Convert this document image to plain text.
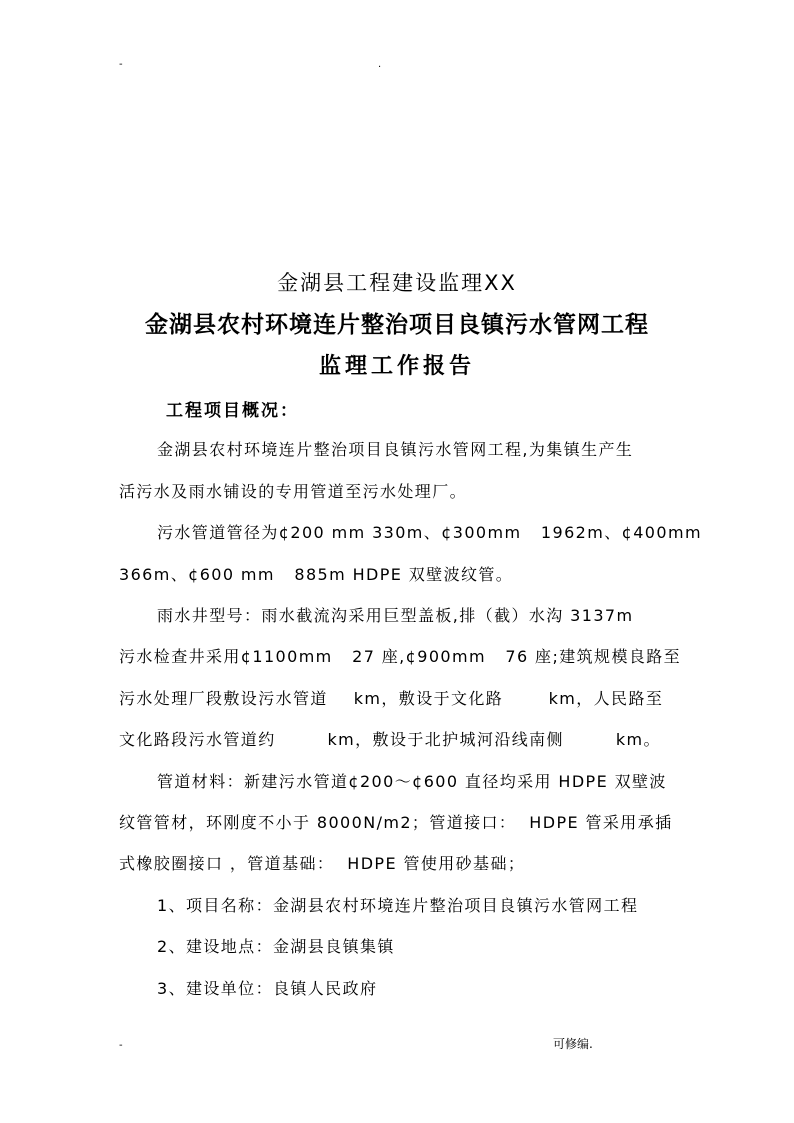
-	.
金湖县工程建设监理XX
金湖县农村环境连片整治项目良镇污水管网工程
监理工作报告
工程项目概况：
金湖县农村环境连片整治项目良镇污水管网工程,为集镇生产生
活污水及雨水铺设的专用管道至污水处理厂。
污水管道管径为¢200 mm 330m、¢300mm   1962m、¢400mm
366m、¢600 mm   885m HDPE 双壁波纹管。
雨水井型号：雨水截流沟采用巨型盖板,排（截）水沟 3137m
污水检查井采用¢1100mm   27 座,¢900mm   76 座;建筑规模良路至
污水处理厂段敷设污水管道    km，敷设于文化路       km，人民路至
文化路段污水管道约        km，敷设于北护城河沿线南侧        km。
管道材料：新建污水管道¢200～¢600 直径均采用 HDPE 双壁波
纹管管材，环刚度不小于 8000N/m2；管道接口：  HDPE 管采用承插
式橡胶圈接口 ，管道基础：  HDPE 管使用砂基础；
1、项目名称：金湖县农村环境连片整治项目良镇污水管网工程
2、建设地点：金湖县良镇集镇
3、建设单位：良镇人民政府
-	可修编.
